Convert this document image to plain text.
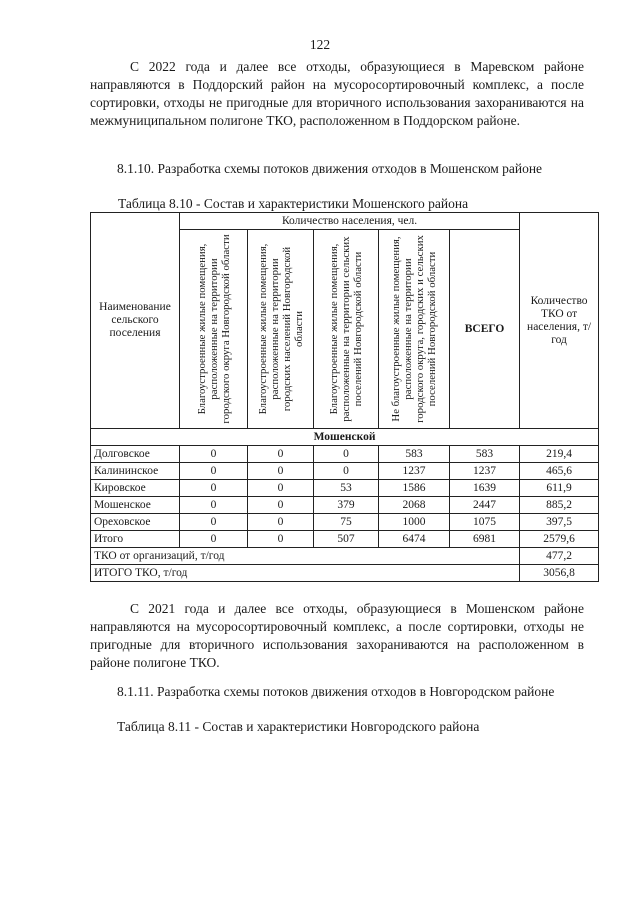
122

С 2022 года и далее все отходы, образующиеся в Маревском районе направляются в Поддорский район на мусоросортировочный комплекс, а после сортировки, отходы не пригодные для вторичного использования захораниваются на межмуниципальном полигоне ТКО, расположенном в Поддорском районе.

8.1.10. Разработка схемы потоков движения отходов в Мошенском районе
Таблица 8.10 - Состав и характеристики Мошенского района
Наименование сельского поселения	Количество населения, чел.					Количество ТКО от населения, т/год

	Благоустроенные жилые помещения, расположенные на территории городского округа Новгородской области	Благоустроенные жилые помещения, расположенные на территории городских населений Новгородской области	Благоустроенные жилые помещения, расположенные на территории сельских поселений Новгородской области	Не благоустроенные жилые помещения, расположенные на территории городского округа, городских и сельских поселений Новгородской области	ВСЕГО	
Мошенской						
Долговское	0	0	0	583	583	219,4
Калининское	0	0	0	1237	1237	465,6
Кировское	0	0	53	1586	1639	611,9
Мошенское	0	0	379	2068	2447	885,2
Ореховское	0	0	75	1000	1075	397,5
Итого	0	0	507	6474	6981	2579,6
ТКО от организаций, т/год						477,2
ИТОГО ТКО, т/год						3056,8

С 2021 года и далее все отходы, образующиеся в Мошенском районе направляются на мусоросортировочный комплекс, а после сортировки, отходы не пригодные для вторичного использования захораниваются на расположенном в районе полигоне ТКО.

8.1.11. Разработка схемы потоков движения отходов в Новгородском районе
Таблица 8.11 - Состав и характеристики Новгородского района
